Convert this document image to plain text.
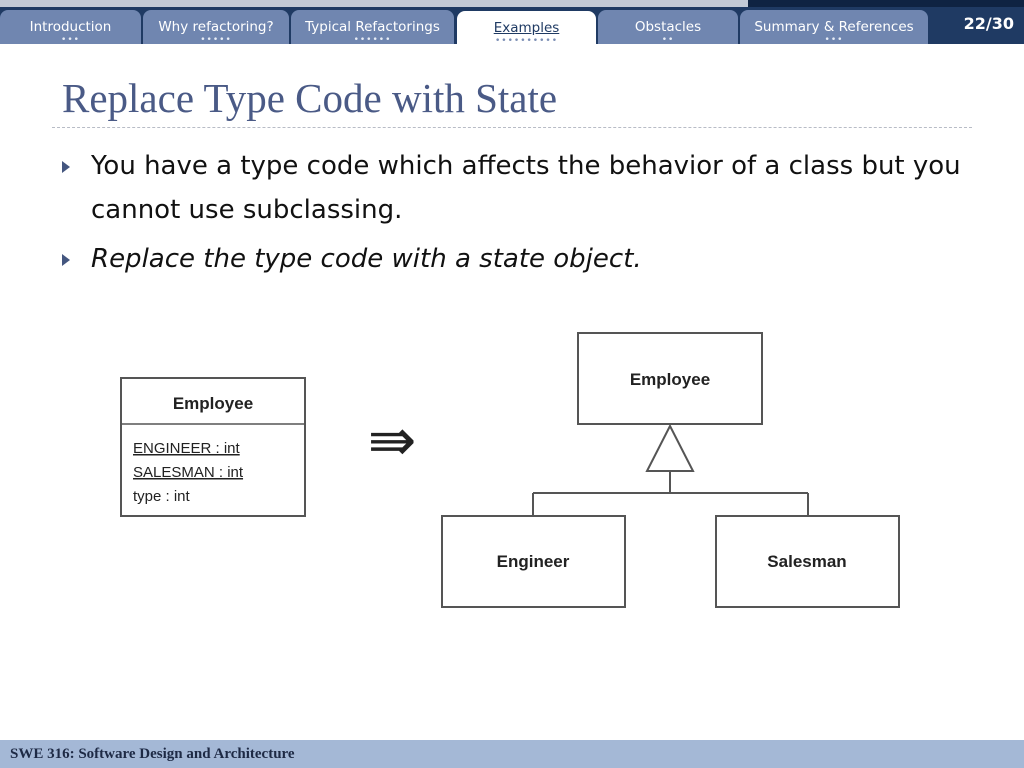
Introduction
•••
Why refactoring?
•••••
Typical Refactorings
••••••
Examples
••••••••••
Obstacles
••
Summary & References
•••
22/30
Replace Type Code with State
You have a type code which affects the behavior of a class but you cannot use subclassing.
Replace the type code with a state object.
Employee
ENGINEER : int
SALESMAN : int
type : int
⇛
Employee
Engineer	Salesman
SWE 316: Software Design and Architecture
